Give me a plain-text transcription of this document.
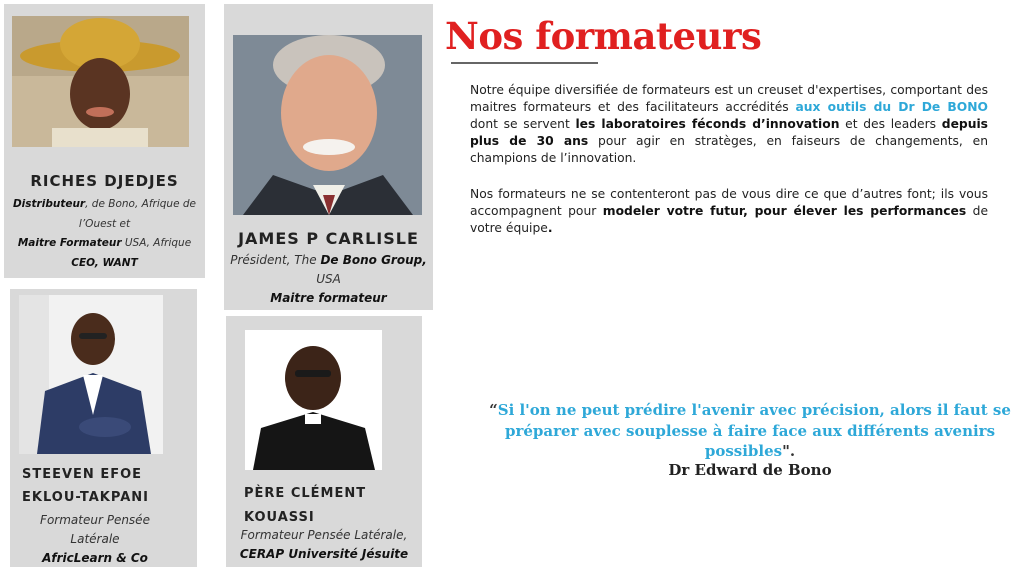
RICHES DJEDJES
Distributeur, de Bono, Afrique de
l’Ouest et
Maitre Formateur USA, Afrique
CEO, WANT
JAMES P CARLISLE
Président, The De Bono Group,
USA
Maitre formateur
STEEVEN EFOE
EKLOU-TAKPANI
Formateur Pensée
Latérale
AfricLearn & Co
PÈRE CLÉMENT
KOUASSI
Formateur Pensée Latérale,
CERAP Université Jésuite
Nos formateurs

Notre équipe diversifiée de formateurs est un creuset d'expertises, comportant des maitres formateurs et des facilitateurs accrédités aux outils du Dr De BONO dont se servent les laboratoires féconds d’innovation et des leaders depuis plus de 30 ans pour agir en stratèges, en faiseurs de changements, en champions de l’innovation.

Nos formateurs ne se contenteront pas de vous dire ce que d’autres font; ils vous accompagnent pour modeler votre futur, pour élever les performances de votre équipe.

“Si l'on ne peut prédire l'avenir avec précision, alors il faut se préparer avec souplesse à faire face aux différents avenirs possibles".
Dr Edward de Bono
